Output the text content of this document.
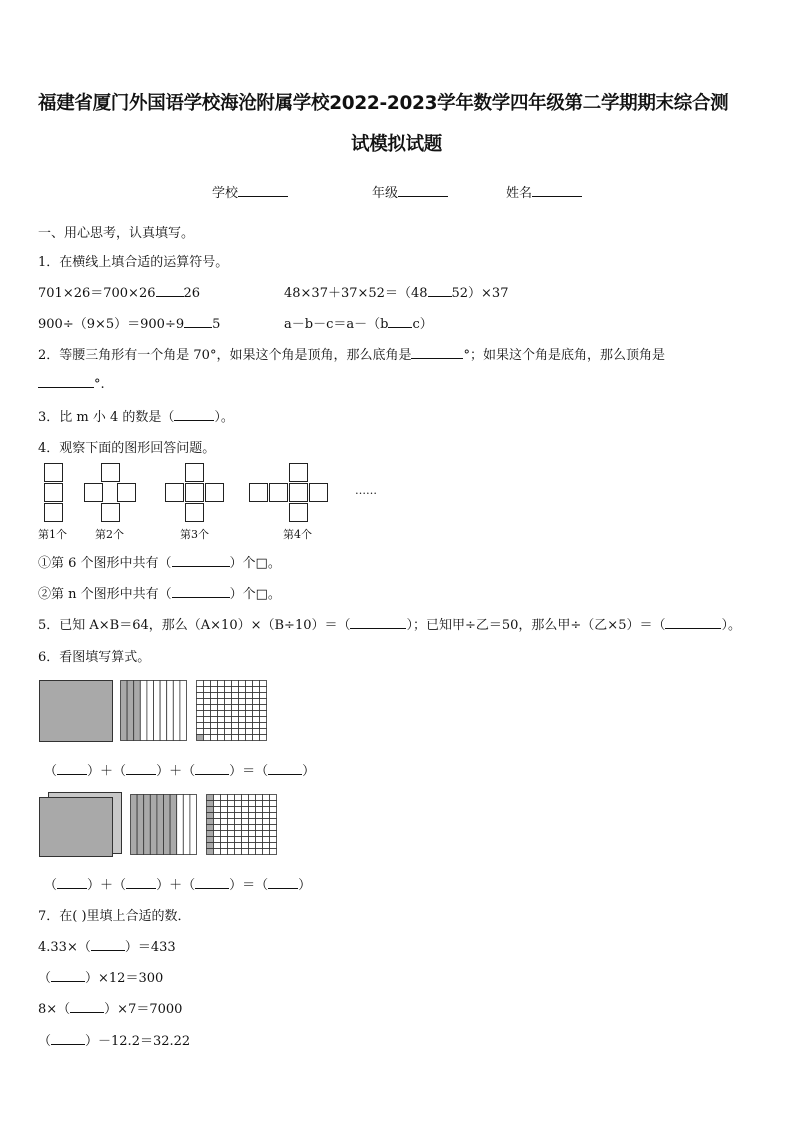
福建省厦门外国语学校海沧附属学校2022-2023学年数学四年级第二学期期末综合测
试模拟试题
学校	年级	姓名
一、用心思考，认真填写。
1．在横线上填合适的运算符号。
701×26＝700×26 26	48×37＋37×52＝（48 52）×37
900÷（9×5）＝900÷9 5	a－b－c＝a－（b c）
2．等腰三角形有一个角是 70°，如果这个角是顶角，那么底角是	°；如果这个角是底角，那么顶角是
°.
3．比 m 小 4 的数是（	）。
4．观察下面的图形回答问题。
……
第1个	第2个	第3个	第4个
①第 6 个图形中共有（	）个□。
②第 n 个图形中共有（	）个□。
5．已知 A×B＝64，那么（A×10）×（B÷10）＝（	）；已知甲÷乙＝50，那么甲÷（乙×5）＝（	）。
6．看图填写算式。
（ ）＋（ ）＋（	）＝（	）
（ ）＋（ ）＋（	）＝（ ）
7．在( )里填上合适的数．
4.33×（	）＝433
（	）×12＝300
8×（	）×7＝7000
（	）－12.2＝32.22
